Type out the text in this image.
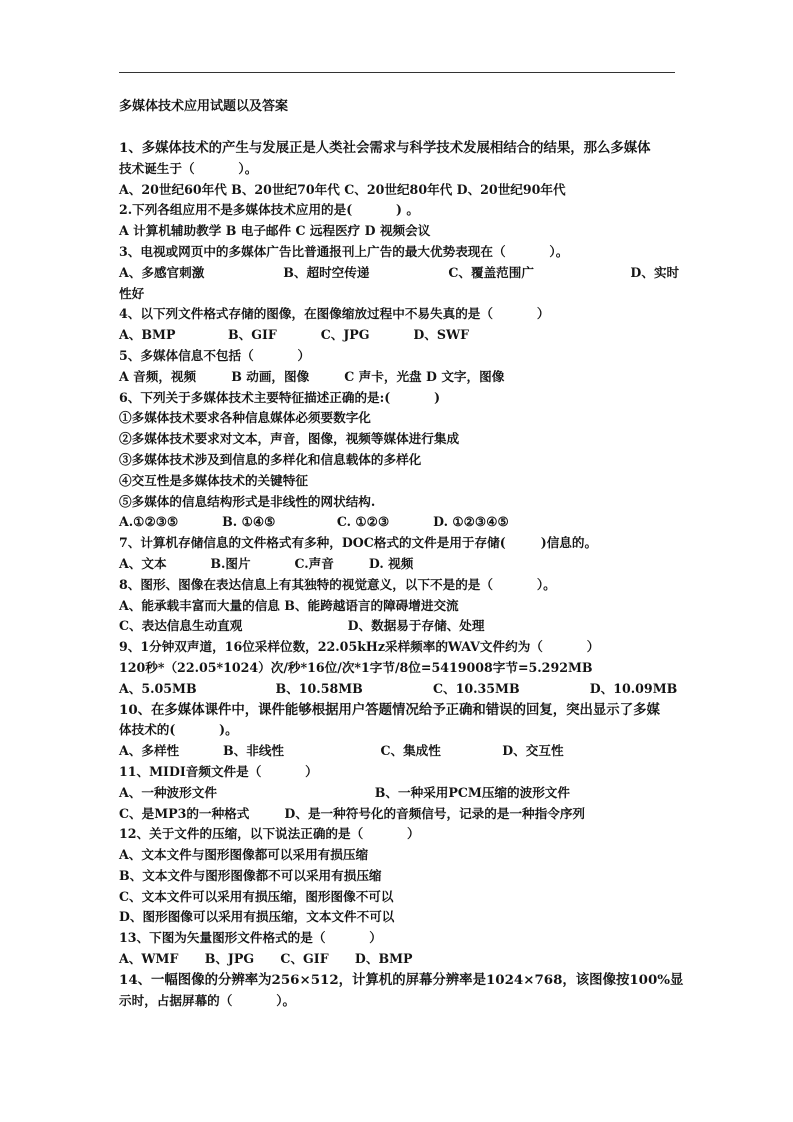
多媒体技术应用试题以及答案
1、多媒体技术的产生与发展正是人类社会需求与科学技术发展相结合的结果，那么多媒体
技术诞生于（          ）。
A、20世纪60年代 B、20世纪70年代 C、20世纪80年代 D、20世纪90年代
2.下列各组应用不是多媒体技术应用的是(          ) 。
A 计算机辅助教学 B 电子邮件 C 远程医疗 D 视频会议
3、电视或网页中的多媒体广告比普通报刊上广告的最大优势表现在（          ）。
A、多感官刺激                  B、超时空传递                  C、覆盖范围广                      D、实时
性好
4、以下列文件格式存储的图像，在图像缩放过程中不易失真的是（          ）
A、BMP            B、GIF          C、JPG          D、SWF
5、多媒体信息不包括（          ）
A 音频，视频        B 动画，图像        C 声卡，光盘 D 文字，图像
6、下列关于多媒体技术主要特征描述正确的是:(          )
①多媒体技术要求各种信息媒体必须要数字化
②多媒体技术要求对文本，声音，图像，视频等媒体进行集成
③多媒体技术涉及到信息的多样化和信息载体的多样化
④交互性是多媒体技术的关键特征
⑤多媒体的信息结构形式是非线性的网状结构.
A.①②③⑤          B. ①④⑤              C. ①②③          D. ①②③④⑤
7、计算机存储信息的文件格式有多种，DOC格式的文件是用于存储(        )信息的。
A、文本          B.图片          C.声音        D. 视频
8、图形、图像在表达信息上有其独特的视觉意义，以下不是的是（          ）。
A、能承载丰富而大量的信息 B、能跨越语言的障碍增进交流
C、表达信息生动直观                        D、数据易于存储、处理
9、1分钟双声道，16位采样位数，22.05kHz采样频率的WAV文件约为（          ）
120秒*（22.05*1024）次/秒*16位/次*1字节/8位=5419008字节=5.292MB
A、5.05MB                  B、10.58MB                C、10.35MB                D、10.09MB
10、在多媒体课件中，课件能够根据用户答题情况给予正确和错误的回复，突出显示了多媒
体技术的(          )。
A、多样性          B、非线性                      C、集成性              D、交互性
11、MIDI音频文件是（          ）
A、一种波形文件                                    B、一种采用PCM压缩的波形文件
C、是MP3的一种格式        D、是一种符号化的音频信号，记录的是一种指令序列
12、关于文件的压缩，以下说法正确的是（          ）
A、文本文件与图形图像都可以采用有损压缩
B、文本文件与图形图像都不可以采用有损压缩
C、文本文件可以采用有损压缩，图形图像不可以
D、图形图像可以采用有损压缩，文本文件不可以
13、下图为矢量图形文件格式的是（          ）
A、WMF      B、JPG      C、GIF      D、BMP
14、一幅图像的分辨率为256×512，计算机的屏幕分辨率是1024×768，该图像按100%显
示时，占据屏幕的（          ）。
